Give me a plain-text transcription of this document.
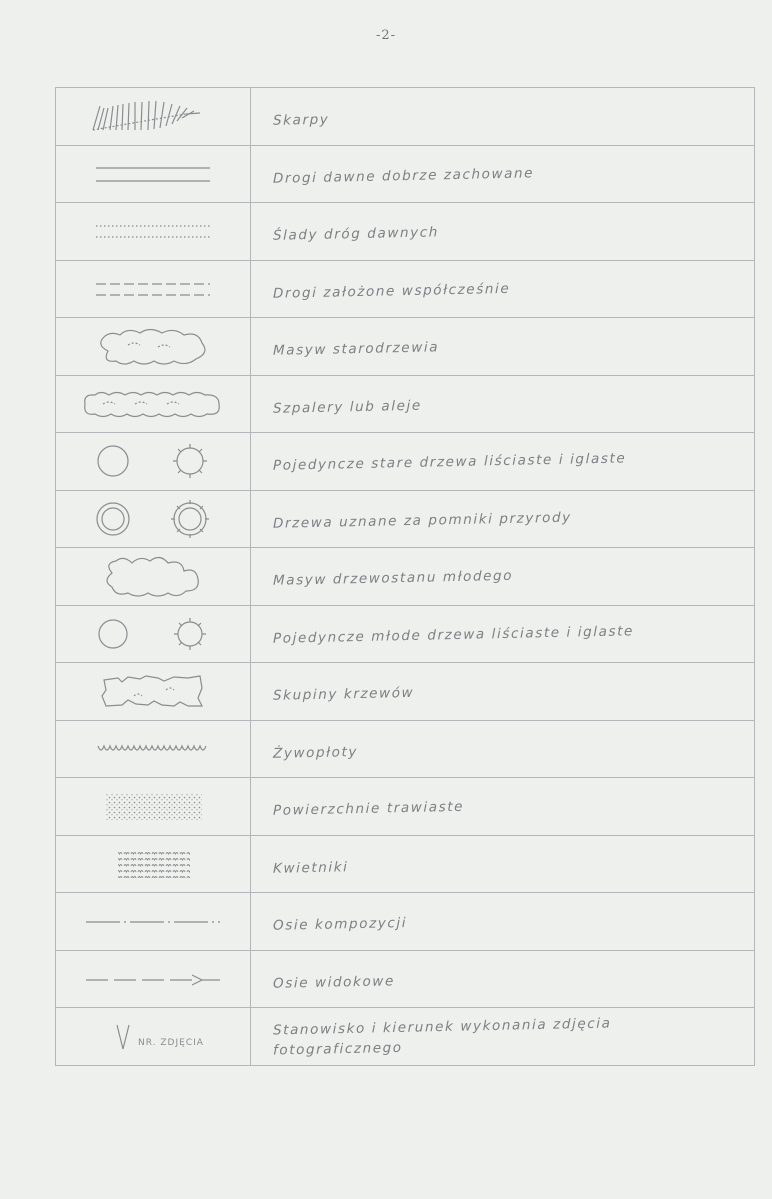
-2-
Skarpy
Drogi dawne dobrze zachowane
Ślady dróg dawnych
Drogi założone współcześnie
Masyw starodrzewia
Szpalery lub aleje
Pojedyncze stare drzewa liściaste i iglaste
Drzewa uznane za pomniki przyrody
Masyw drzewostanu młodego
Pojedyncze młode drzewa liściaste i iglaste
Skupiny krzewów
Żywopłoty
Powierzchnie trawiaste
Kwietniki
Osie kompozycji
Osie widokowe
NR. ZDJĘCIA
Stanowisko i kierunek wykonania zdjęcia fotograficznego
